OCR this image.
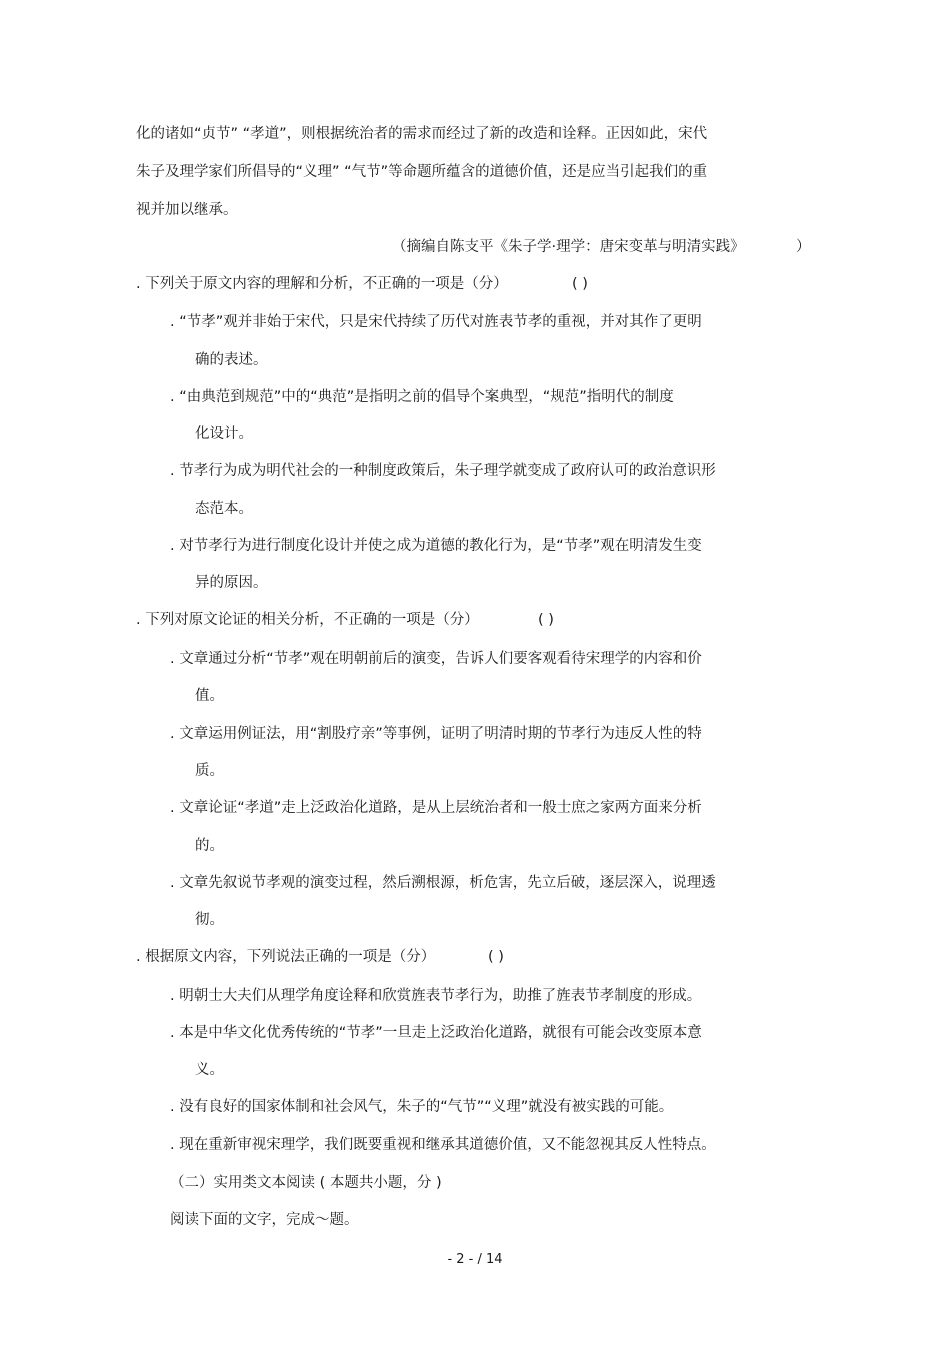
化的诸如“贞节” “孝道”，则根据统治者的需求而经过了新的改造和诠释。正因如此，宋代
朱子及理学家们所倡导的“义理” “气节”等命题所蕴含的道德价值，还是应当引起我们的重
视并加以继承。
（摘编自陈支平《朱子学·理学：唐宋变革与明清实践》	）
. 下列关于原文内容的理解和分析，不正确的一项是（分）	( )
. “节孝”观并非始于宋代，只是宋代持续了历代对旌表节孝的重视，并对其作了更明
确的表述。
. “由典范到规范”中的“典范”是指明之前的倡导个案典型，“规范”指明代的制度
化设计。
. 节孝行为成为明代社会的一种制度政策后，朱子理学就变成了政府认可的政治意识形
态范本。
. 对节孝行为进行制度化设计并使之成为道德的教化行为，是“节孝”观在明清发生变
异的原因。
. 下列对原文论证的相关分析，不正确的一项是（分）	( )
. 文章通过分析“节孝”观在明朝前后的演变，告诉人们要客观看待宋理学的内容和价
值。
. 文章运用例证法，用“割股疗亲”等事例，证明了明清时期的节孝行为违反人性的特
质。
. 文章论证“孝道”走上泛政治化道路，是从上层统治者和一般士庶之家两方面来分析
的。
. 文章先叙说节孝观的演变过程，然后溯根源，析危害，先立后破，逐层深入，说理透
彻。
. 根据原文内容，下列说法正确的一项是（分）	( )
. 明朝士大夫们从理学角度诠释和欣赏旌表节孝行为，助推了旌表节孝制度的形成。
. 本是中华文化优秀传统的“节孝”一旦走上泛政治化道路，就很有可能会改变原本意
义。
. 没有良好的国家体制和社会风气，朱子的“气节”“义理”就没有被实践的可能。
. 现在重新审视宋理学，我们既要重视和继承其道德价值，又不能忽视其反人性特点。
（二）实用类文本阅读 ( 本题共小题，分 )
阅读下面的文字，完成～题。
- 2 - / 14
